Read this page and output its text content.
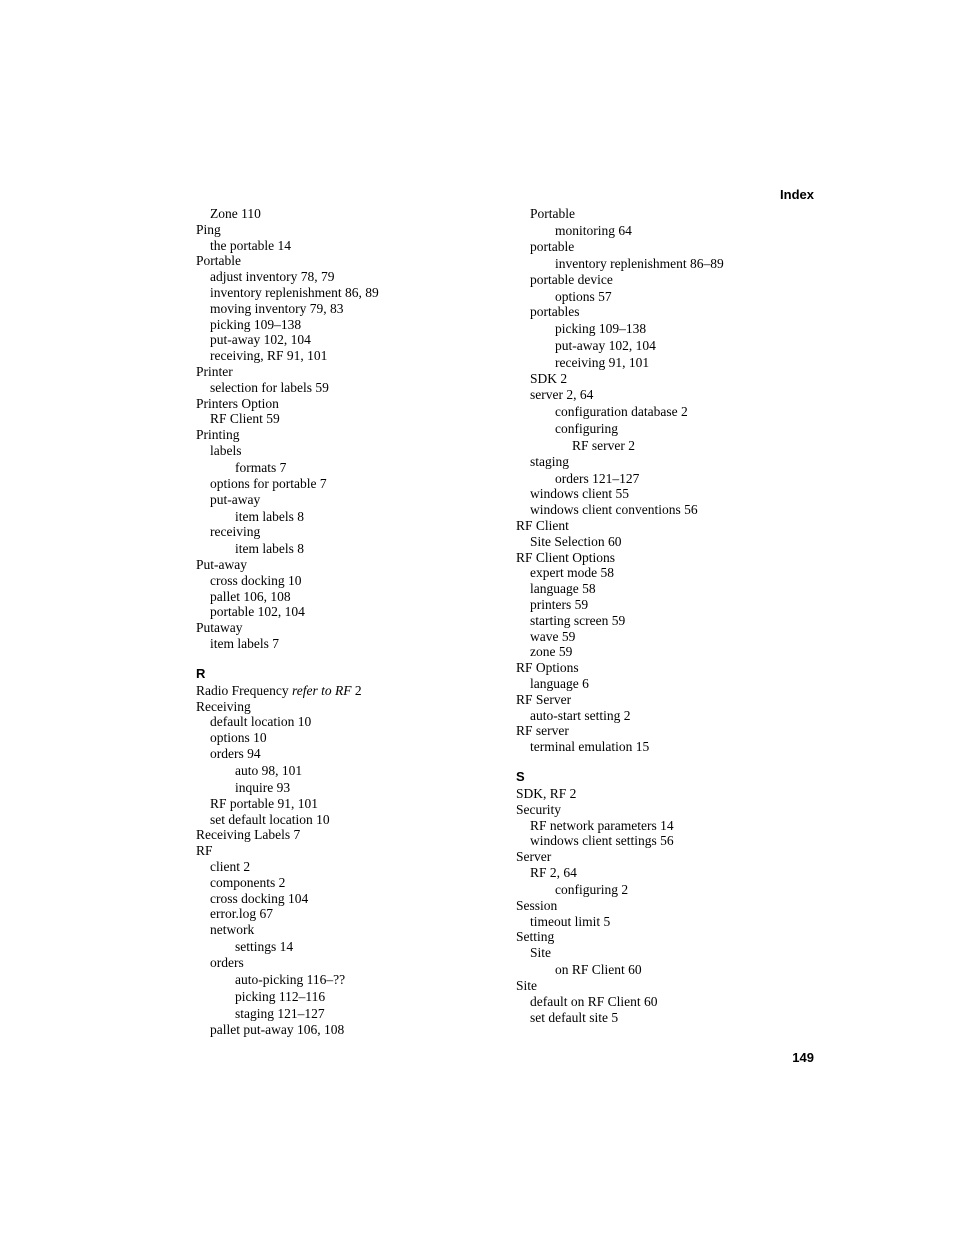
Index
Zone 110
Ping
the portable 14
Portable
adjust inventory 78, 79
inventory replenishment 86, 89
moving inventory 79, 83
picking 109–138
put-away 102, 104
receiving, RF 91, 101
Printer
selection for labels 59
Printers Option
RF Client 59
Printing
labels
formats 7
options for portable 7
put-away
item labels 8
receiving
item labels 8
Put-away
cross docking 10
pallet 106, 108
portable 102, 104
Putaway
item labels 7
R
Radio Frequency refer to RF 2
Receiving
default location 10
options 10
orders 94
auto 98, 101
inquire 93
RF portable 91, 101
set default location 10
Receiving Labels 7
RF
client 2
components 2
cross docking 104
error.log 67
network
settings 14
orders
auto-picking 116–??
picking 112–116
staging 121–127
pallet put-away 106, 108
Portable
monitoring 64
portable
inventory replenishment 86–89
portable device
options 57
portables
picking 109–138
put-away 102, 104
receiving 91, 101
SDK 2
server 2, 64
configuration database 2
configuring
RF server 2
staging
orders 121–127
windows client 55
windows client conventions 56
RF Client
Site Selection 60
RF Client Options
expert mode 58
language 58
printers 59
starting screen 59
wave 59
zone 59
RF Options
language 6
RF Server
auto-start setting 2
RF server
terminal emulation 15
S
SDK, RF 2
Security
RF network parameters 14
windows client settings 56
Server
RF 2, 64
configuring 2
Session
timeout limit 5
Setting
Site
on RF Client 60
Site
default on RF Client 60
set default site 5
149
